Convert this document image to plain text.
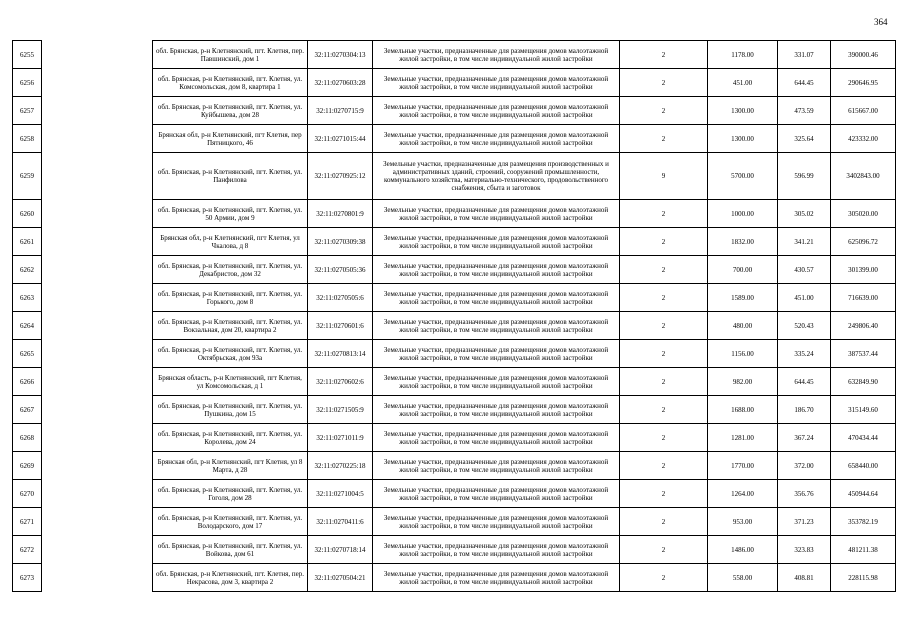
364
6255		обл. Брянская, р-н Клетнянский, пгт. Клетня, пер. Павшинский, дом 1	32:11:0270304:13	Земельные участки, предназначенные для размещения домов малоэтажной жилой застройки, в том числе индивидуальной жилой застройки	2	1178.00	331.07	390000.46
6256		обл. Брянская, р-н Клетнянский, пгт. Клетня, ул. Комсомольская, дом 8, квартира 1	32:11:0270603:28	Земельные участки, предназначенные для размещения домов малоэтажной жилой застройки, в том числе индивидуальной жилой застройки	2	451.00	644.45	290646.95
6257		обл. Брянская, р-н Клетнянский, пгт. Клетня, ул. Куйбышева, дом 28	32:11:0270715:9	Земельные участки, предназначенные для размещения домов малоэтажной жилой застройки, в том числе индивидуальной жилой застройки	2	1300.00	473.59	615667.00
6258		Брянская обл, р-н Клетнянский, пгт Клетня, пер Пятницкого, 46	32:11:0271015:44	Земельные участки, предназначенные для размещения домов малоэтажной жилой застройки, в том числе индивидуальной жилой застройки	2	1300.00	325.64	423332.00
6259		обл. Брянская, р-н Клетнянский, пгт. Клетня, ул. Панфилова	32:11:0270925:12	Земельные участки, предназначенные для размещения производственных и административных зданий, строений, сооружений промышленности, коммунального хозяйства, материально-технического, продовольственного снабжения, сбыта и заготовок	9	5700.00	596.99	3402843.00
6260		обл. Брянская, р-н Клетнянский, пгт. Клетня, ул. 50 Армии, дом 9	32:11:0270801:9	Земельные участки, предназначенные для размещения домов малоэтажной жилой застройки, в том числе индивидуальной жилой застройки	2	1000.00	305.02	305020.00
6261		Брянская обл, р-н Клетнянский, пгт Клетня, ул Чкалова, д 8	32:11:0270309:38	Земельные участки, предназначенные для размещения домов малоэтажной жилой застройки, в том числе индивидуальной жилой застройки	2	1832.00	341.21	625096.72
6262		обл. Брянская, р-н Клетнянский, пгт. Клетня, ул. Декабристов, дом 32	32:11:0270505:36	Земельные участки, предназначенные для размещения домов малоэтажной жилой застройки, в том числе индивидуальной жилой застройки	2	700.00	430.57	301399.00
6263		обл. Брянская, р-н Клетнянский, пгт. Клетня, ул. Горького, дом 8	32:11:0270505:6	Земельные участки, предназначенные для размещения домов малоэтажной жилой застройки, в том числе индивидуальной жилой застройки	2	1589.00	451.00	716639.00
6264		обл. Брянская, р-н Клетнянский, пгт. Клетня, ул. Вокзальная, дом 20, квартира 2	32:11:0270601:6	Земельные участки, предназначенные для размещения домов малоэтажной жилой застройки, в том числе индивидуальной жилой застройки	2	480.00	520.43	249806.40
6265		обл. Брянская, р-н Клетнянский, пгт. Клетня, ул. Октябрьская, дом 93а	32:11:0270813:14	Земельные участки, предназначенные для размещения домов малоэтажной жилой застройки, в том числе индивидуальной жилой застройки	2	1156.00	335.24	387537.44
6266		Брянская область, р-н Клетнянский, пгт Клетня, ул Комсомольская, д 1	32:11:0270602:6	Земельные участки, предназначенные для размещения домов малоэтажной жилой застройки, в том числе индивидуальной жилой застройки	2	982.00	644.45	632849.90
6267		обл. Брянская, р-н Клетнянский, пгт. Клетня, ул. Пушкина, дом 15	32:11:0271505:9	Земельные участки, предназначенные для размещения домов малоэтажной жилой застройки, в том числе индивидуальной жилой застройки	2	1688.00	186.70	315149.60
6268		обл. Брянская, р-н Клетнянский, пгт. Клетня, ул. Королева, дом 24	32:11:0271011:9	Земельные участки, предназначенные для размещения домов малоэтажной жилой застройки, в том числе индивидуальной жилой застройки	2	1281.00	367.24	470434.44
6269		Брянская обл, р-н Клетнянский, пгт Клетня, ул 8 Марта, д 28	32:11:0270225:18	Земельные участки, предназначенные для размещения домов малоэтажной жилой застройки, в том числе индивидуальной жилой застройки	2	1770.00	372.00	658440.00
6270		обл. Брянская, р-н Клетнянский, пгт. Клетня, ул. Гоголя, дом 28	32:11:0271004:5	Земельные участки, предназначенные для размещения домов малоэтажной жилой застройки, в том числе индивидуальной жилой застройки	2	1264.00	356.76	450944.64
6271		обл. Брянская, р-н Клетнянский, пгт. Клетня, ул. Володарского, дом 17	32:11:0270411:6	Земельные участки, предназначенные для размещения домов малоэтажной жилой застройки, в том числе индивидуальной жилой застройки	2	953.00	371.23	353782.19
6272		обл. Брянская, р-н Клетнянский, пгт. Клетня, ул. Войкова, дом 61	32:11:0270718:14	Земельные участки, предназначенные для размещения домов малоэтажной жилой застройки, в том числе индивидуальной жилой застройки	2	1486.00	323.83	481211.38
6273		обл. Брянская, р-н Клетнянский, пгт. Клетня, пер. Некрасова, дом 3, квартира 2	32:11:0270504:21	Земельные участки, предназначенные для размещения домов малоэтажной жилой застройки, в том числе индивидуальной жилой застройки	2	558.00	408.81	228115.98
